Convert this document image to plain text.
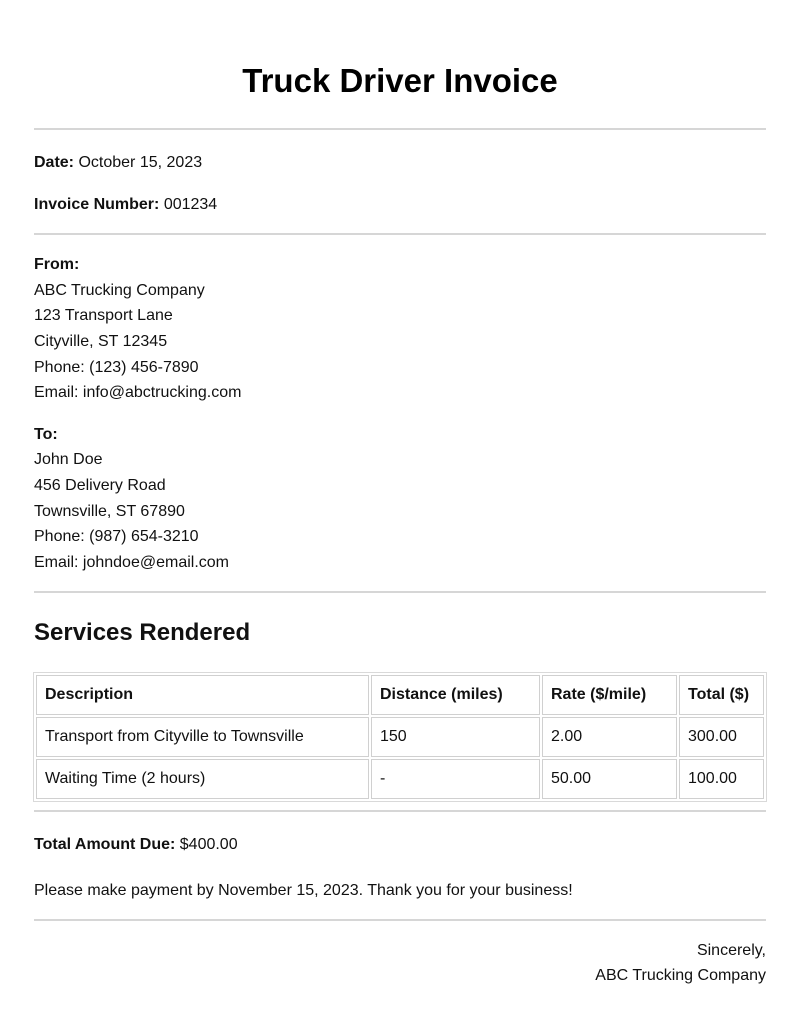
Truck Driver Invoice
Date: October 15, 2023
Invoice Number: 001234
From:
ABC Trucking Company
123 Transport Lane
Cityville, ST 12345
Phone: (123) 456-7890
Email: info@abctrucking.com
To:
John Doe
456 Delivery Road
Townsville, ST 67890
Phone: (987) 654-3210
Email: johndoe@email.com
Services Rendered
Description	Distance (miles)	Rate ($/mile)	Total ($)
Transport from Cityville to Townsville	150	2.00	300.00
Waiting Time (2 hours)	-	50.00	100.00
Total Amount Due: $400.00
Please make payment by November 15, 2023. Thank you for your business!
Sincerely,
ABC Trucking Company
